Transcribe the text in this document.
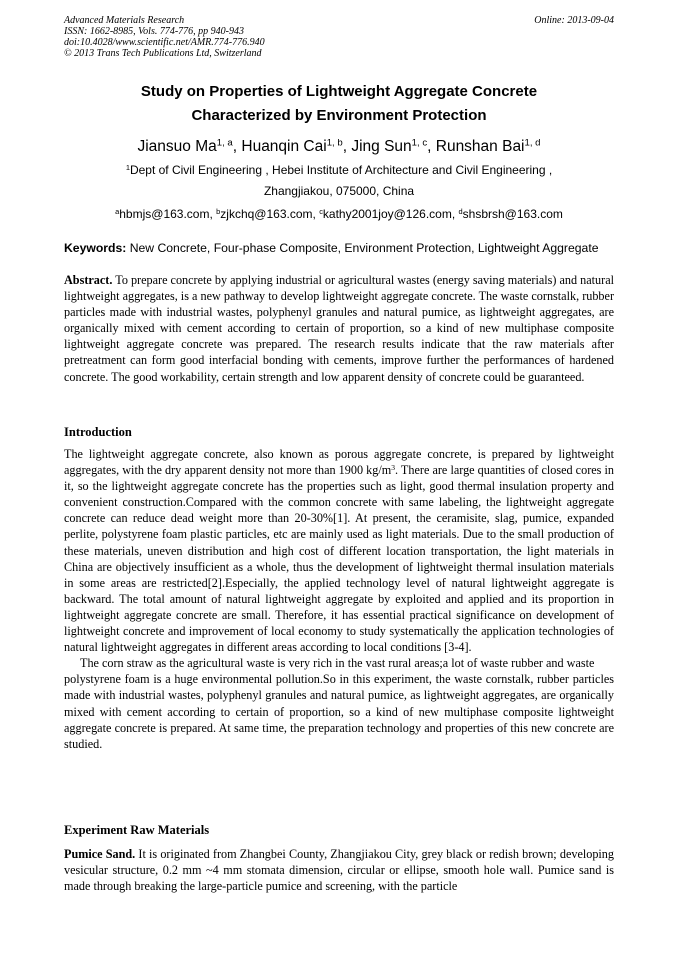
Advanced Materials Research
ISSN: 1662-8985, Vols. 774-776, pp 940-943
doi:10.4028/www.scientific.net/AMR.774-776.940
© 2013 Trans Tech Publications Ltd, Switzerland
Online: 2013-09-04
Study on Properties of Lightweight Aggregate Concrete
Characterized by Environment Protection
Jiansuo Ma$^{1, a}$, Huanqin Cai$^{1, b}$, Jing Sun$^{1, c}$, Runshan Bai$^{1, d}$
$^1$Dept of Civil Engineering , Hebei Institute of Architecture and Civil Engineering ,
Zhangjiakou, 075000, China
$^a$hbmjs@163.com, $^b$zjkchq@163.com, $^c$kathy2001joy@126.com, $^d$shsbrsh@163.com
Keywords: New Concrete, Four-phase Composite, Environment Protection, Lightweight Aggregate

Abstract. To prepare concrete by applying industrial or agricultural wastes (energy saving materials) and natural lightweight aggregates, is a new pathway to develop lightweight aggregate concrete. The waste cornstalk, rubber particles made with industrial wastes, polyphenyl granules and natural pumice, as lightweight aggregates, are organically mixed with cement according to certain of proportion, so a kind of new multiphase composite lightweight aggregate concrete was prepared. The research results indicate that the raw materials after pretreatment can form good interfacial bonding with cements, improve further the performances of hardened concrete. The good workability, certain strength and low apparent density of concrete could be guaranteed.

Introduction

The lightweight aggregate concrete, also known as porous aggregate concrete, is prepared by lightweight aggregates, with the dry apparent density not more than 1900 $kg/m^3$. There are large quantities of closed cores in it, so the lightweight aggregate concrete has the properties such as light, good thermal insulation property and convenient construction.Compared with the common concrete with same labeling, the lightweight aggregate concrete can reduce dead weight more than 20-30%[1]. At present, the ceramisite, slag, pumice, expanded perlite, polystyrene foam plastic particles, etc are mainly used as light materials. Due to the small production of these materials, uneven distribution and high cost of different location transportation, the light materials in China are objectively insufficient as a whole, thus the development of lightweight thermal insulation materials in some areas are restricted[2].Especially, the applied technology level of natural lightweight aggregate is backward. The total amount of natural lightweight aggregate by exploited and applied and its proportion in lightweight aggregate concrete are small. Therefore, it has essential practical significance on development of lightweight concrete and improvement of local economy to study systematically the application technologies of natural lightweight aggregates in different areas according to local conditions [3-4].

The corn straw as the agricultural waste is very rich in the vast rural areas;a lot of waste rubber and waste

polystyrene foam is a huge environmental pollution.So in this experiment, the waste cornstalk, rubber particles made with industrial wastes, polyphenyl granules and natural pumice, as lightweight aggregates, are organically mixed with cement according to certain of proportion, so a kind of new multiphase composite lightweight aggregate concrete is prepared. At same time, the preparation technology and properties of this new concrete are studied.

Experiment Raw Materials

Pumice Sand. It is originated from Zhangbei County, Zhangjiakou City, grey black or redish brown; developing vesicular structure, 0.2 mm ~4 mm stomata dimension, circular or ellipse, smooth hole wall. Pumice sand is made through breaking the large-particle pumice and screening, with the particle
